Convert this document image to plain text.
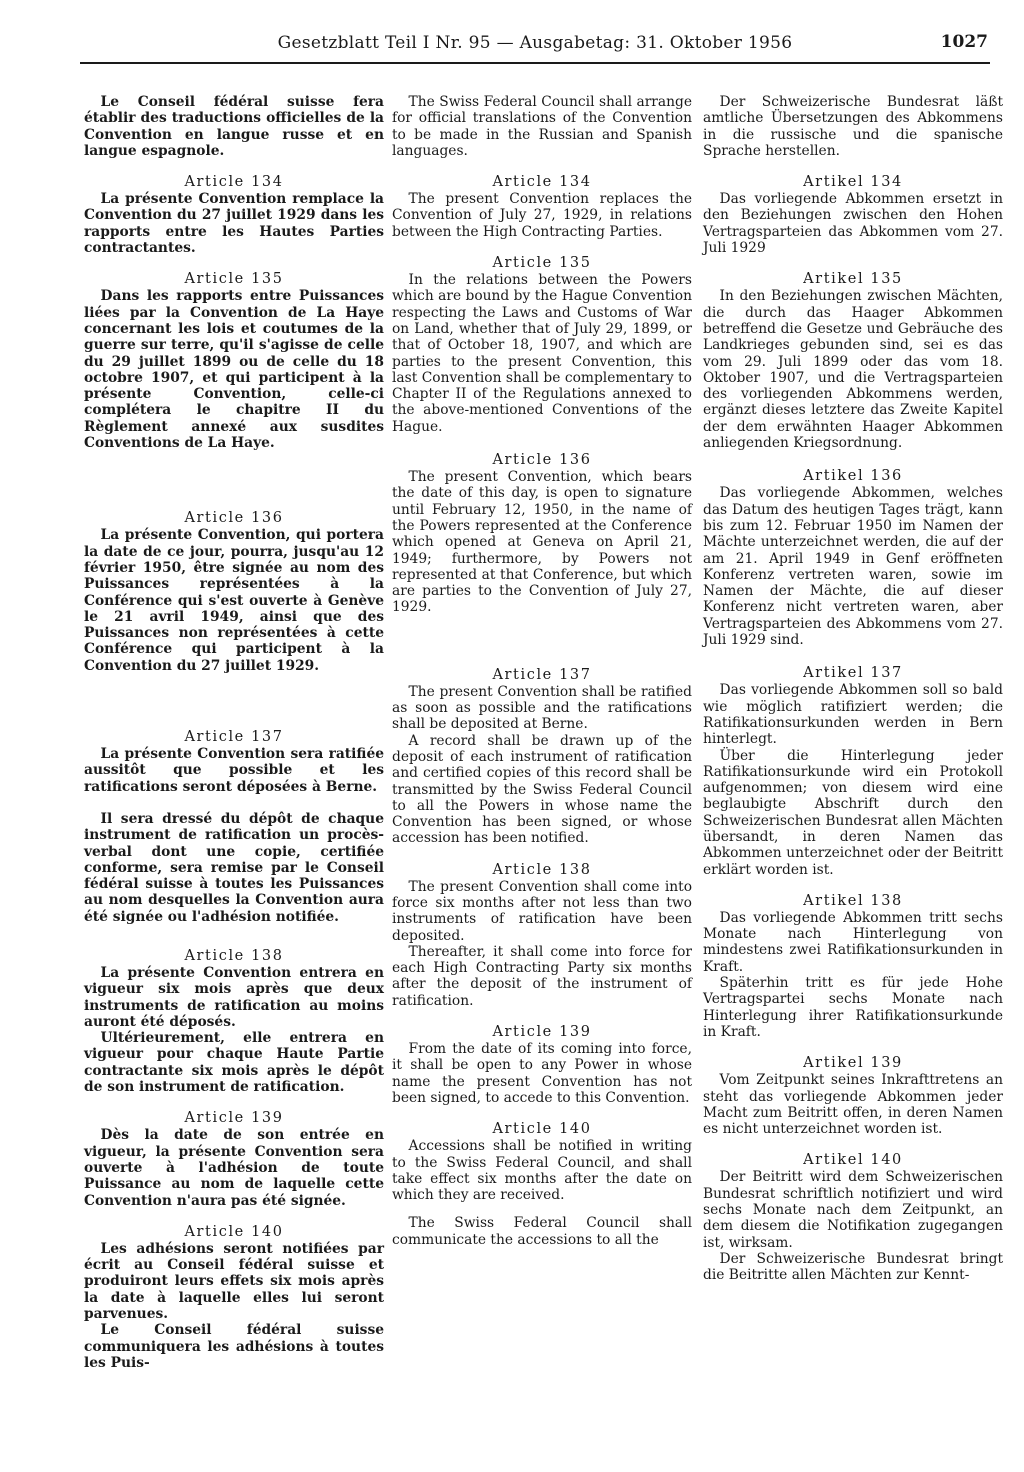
Gesetzblatt Teil I Nr. 95 — Ausgabetag: 31. Oktober 1956	1027

Le Conseil fédéral suisse fera établir des traductions officielles de la Convention en langue russe et en langue espagnole.

Article 134

La présente Convention remplace la Convention du 27 juillet 1929 dans les rapports entre les Hautes Parties contractantes.

Article 135

Dans les rapports entre Puissances liées par la Convention de La Haye concernant les lois et coutumes de la guerre sur terre, qu'il s'agisse de celle du 29 juillet 1899 ou de celle du 18 octobre 1907, et qui participent à la présente Convention, celle-ci complétera le chapitre II du Règlement annexé aux susdites Conventions de La Haye.

Article 136

La présente Convention, qui portera la date de ce jour, pourra, jusqu'au 12 février 1950, être signée au nom des Puissances représentées à la Conférence qui s'est ouverte à Genève le 21 avril 1949, ainsi que des Puissances non représentées à cette Conférence qui participent à la Convention du 27 juillet 1929.

Article 137

La présente Convention sera ratifiée aussitôt que possible et les ratifications seront déposées à Berne.

Il sera dressé du dépôt de chaque instrument de ratification un procès-verbal dont une copie, certifiée conforme, sera remise par le Conseil fédéral suisse à toutes les Puissances au nom desquelles la Convention aura été signée ou l'adhésion notifiée.

Article 138

La présente Convention entrera en vigueur six mois après que deux instruments de ratification au moins auront été déposés.

Ultérieurement, elle entrera en vigueur pour chaque Haute Partie contractante six mois après le dépôt de son instrument de ratification.

Article 139

Dès la date de son entrée en vigueur, la présente Convention sera ouverte à l'adhésion de toute Puissance au nom de laquelle cette Convention n'aura pas été signée.

Article 140

Les adhésions seront notifiées par écrit au Conseil fédéral suisse et produiront leurs effets six mois après la date à laquelle elles lui seront parvenues.

Le Conseil fédéral suisse communiquera les adhésions à toutes les Puis-

The Swiss Federal Council shall arrange for official translations of the Convention to be made in the Russian and Spanish languages.

Article 134

The present Convention replaces the Convention of July 27, 1929, in relations between the High Contracting Parties.

Article 135

In the relations between the Powers which are bound by the Hague Convention respecting the Laws and Customs of War on Land, whether that of July 29, 1899, or that of October 18, 1907, and which are parties to the present Convention, this last Convention shall be complementary to Chapter II of the Regulations annexed to the above-mentioned Conventions of the Hague.

Article 136

The present Convention, which bears the date of this day, is open to signature until February 12, 1950, in the name of the Powers represented at the Conference which opened at Geneva on April 21, 1949; furthermore, by Powers not represented at that Conference, but which are parties to the Convention of July 27, 1929.

Article 137

The present Convention shall be ratified as soon as possible and the ratifications shall be deposited at Berne.

A record shall be drawn up of the deposit of each instrument of ratification and certified copies of this record shall be transmitted by the Swiss Federal Council to all the Powers in whose name the Convention has been signed, or whose accession has been notified.

Article 138

The present Convention shall come into force six months after not less than two instruments of ratification have been deposited.

Thereafter, it shall come into force for each High Contracting Party six months after the deposit of the instrument of ratification.

Article 139

From the date of its coming into force, it shall be open to any Power in whose name the present Convention has not been signed, to accede to this Convention.

Article 140

Accessions shall be notified in writing to the Swiss Federal Council, and shall take effect six months after the date on which they are received.

The Swiss Federal Council shall communicate the accessions to all the

Der Schweizerische Bundesrat läßt amtliche Übersetzungen des Abkommens in die russische und die spanische Sprache herstellen.

Artikel 134

Das vorliegende Abkommen ersetzt in den Beziehungen zwischen den Hohen Vertragsparteien das Abkommen vom 27. Juli 1929

Artikel 135

In den Beziehungen zwischen Mächten, die durch das Haager Abkommen betreffend die Gesetze und Gebräuche des Landkrieges gebunden sind, sei es das vom 29. Juli 1899 oder das vom 18. Oktober 1907, und die Vertragsparteien des vorliegenden Abkommens werden, ergänzt dieses letztere das Zweite Kapitel der dem erwähnten Haager Abkommen anliegenden Kriegsordnung.

Artikel 136

Das vorliegende Abkommen, welches das Datum des heutigen Tages trägt, kann bis zum 12. Februar 1950 im Namen der Mächte unterzeichnet werden, die auf der am 21. April 1949 in Genf eröffneten Konferenz vertreten waren, sowie im Namen der Mächte, die auf dieser Konferenz nicht vertreten waren, aber Vertragsparteien des Abkommens vom 27. Juli 1929 sind.

Artikel 137

Das vorliegende Abkommen soll so bald wie möglich ratifiziert werden; die Ratifikationsurkunden werden in Bern hinterlegt.

Über die Hinterlegung jeder Ratifikationsurkunde wird ein Protokoll aufgenommen; von diesem wird eine beglaubigte Abschrift durch den Schweizerischen Bundesrat allen Mächten übersandt, in deren Namen das Abkommen unterzeichnet oder der Beitritt erklärt worden ist.

Artikel 138

Das vorliegende Abkommen tritt sechs Monate nach Hinterlegung von mindestens zwei Ratifikationsurkunden in Kraft.

Späterhin tritt es für jede Hohe Vertragspartei sechs Monate nach Hinterlegung ihrer Ratifikationsurkunde in Kraft.

Artikel 139

Vom Zeitpunkt seines Inkrafttretens an steht das vorliegende Abkommen jeder Macht zum Beitritt offen, in deren Namen es nicht unterzeichnet worden ist.

Artikel 140

Der Beitritt wird dem Schweizerischen Bundesrat schriftlich notifiziert und wird sechs Monate nach dem Zeitpunkt, an dem diesem die Notifikation zugegangen ist, wirksam.

Der Schweizerische Bundesrat bringt die Beitritte allen Mächten zur Kennt-
